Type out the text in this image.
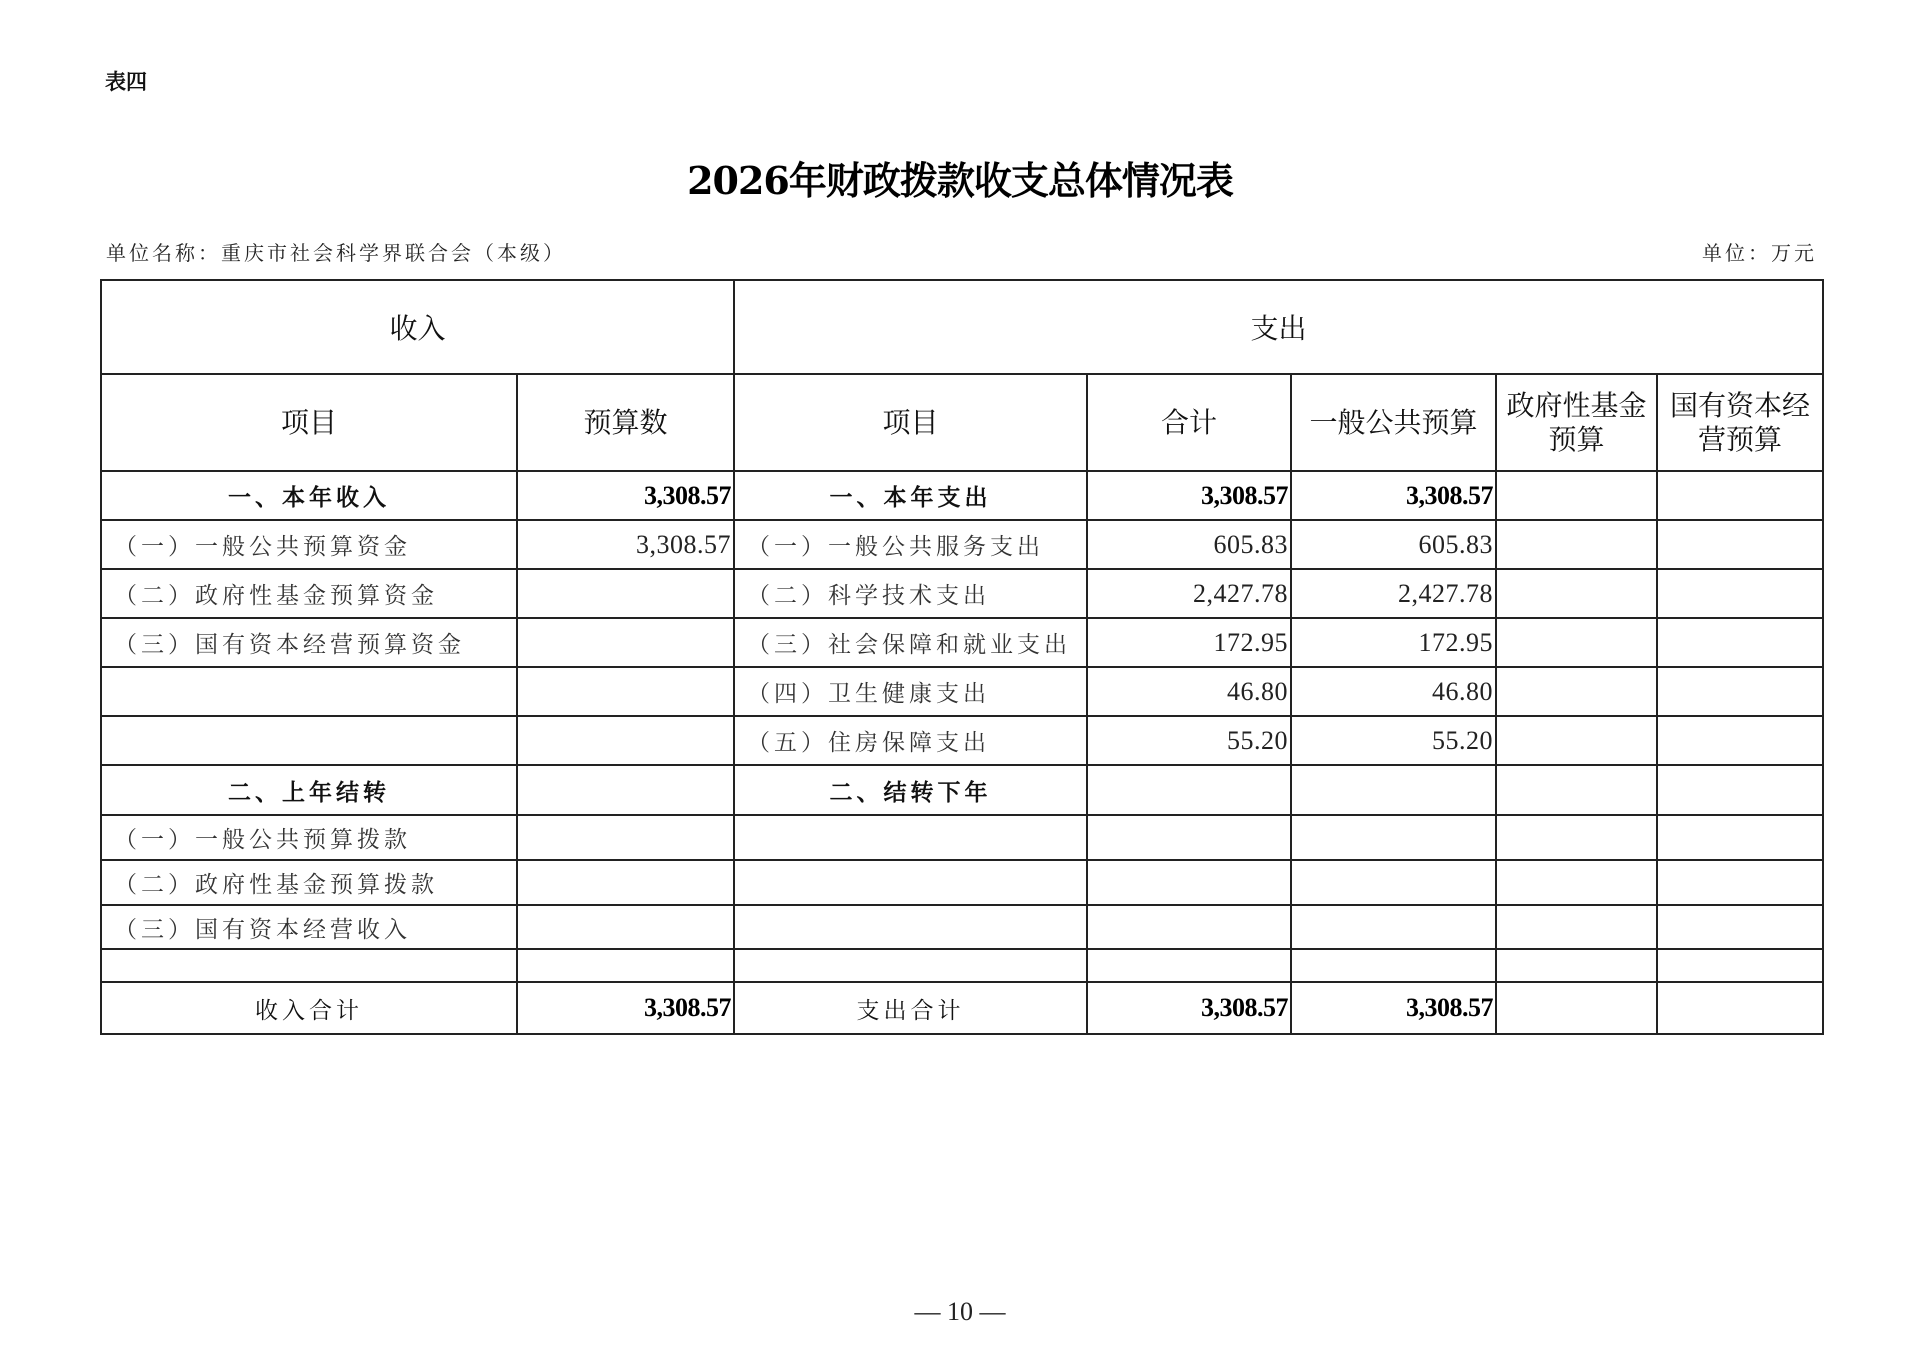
表四
2026年财政拨款收支总体情况表
单位名称：重庆市社会科学界联合会（本级）	单位：万元
收入		支出				
项目	预算数	项目	合计	一般公共预算	政府性基金预算	国有资本经营预算
一、本年收入	3,308.57	一、本年支出	3,308.57	3,308.57		
（一）一般公共预算资金	3,308.57	（一）一般公共服务支出	605.83	605.83		
（二）政府性基金预算资金		（二）科学技术支出	2,427.78	2,427.78		
（三）国有资本经营预算资金		（三）社会保障和就业支出	172.95	172.95		
		（四）卫生健康支出	46.80	46.80		
		（五）住房保障支出	55.20	55.20		
二、上年结转		二、结转下年				
（一）一般公共预算拨款						
（二）政府性基金预算拨款						
（三）国有资本经营收入						

收入合计	3,308.57	支出合计	3,308.57	3,308.57		
— 10 —
